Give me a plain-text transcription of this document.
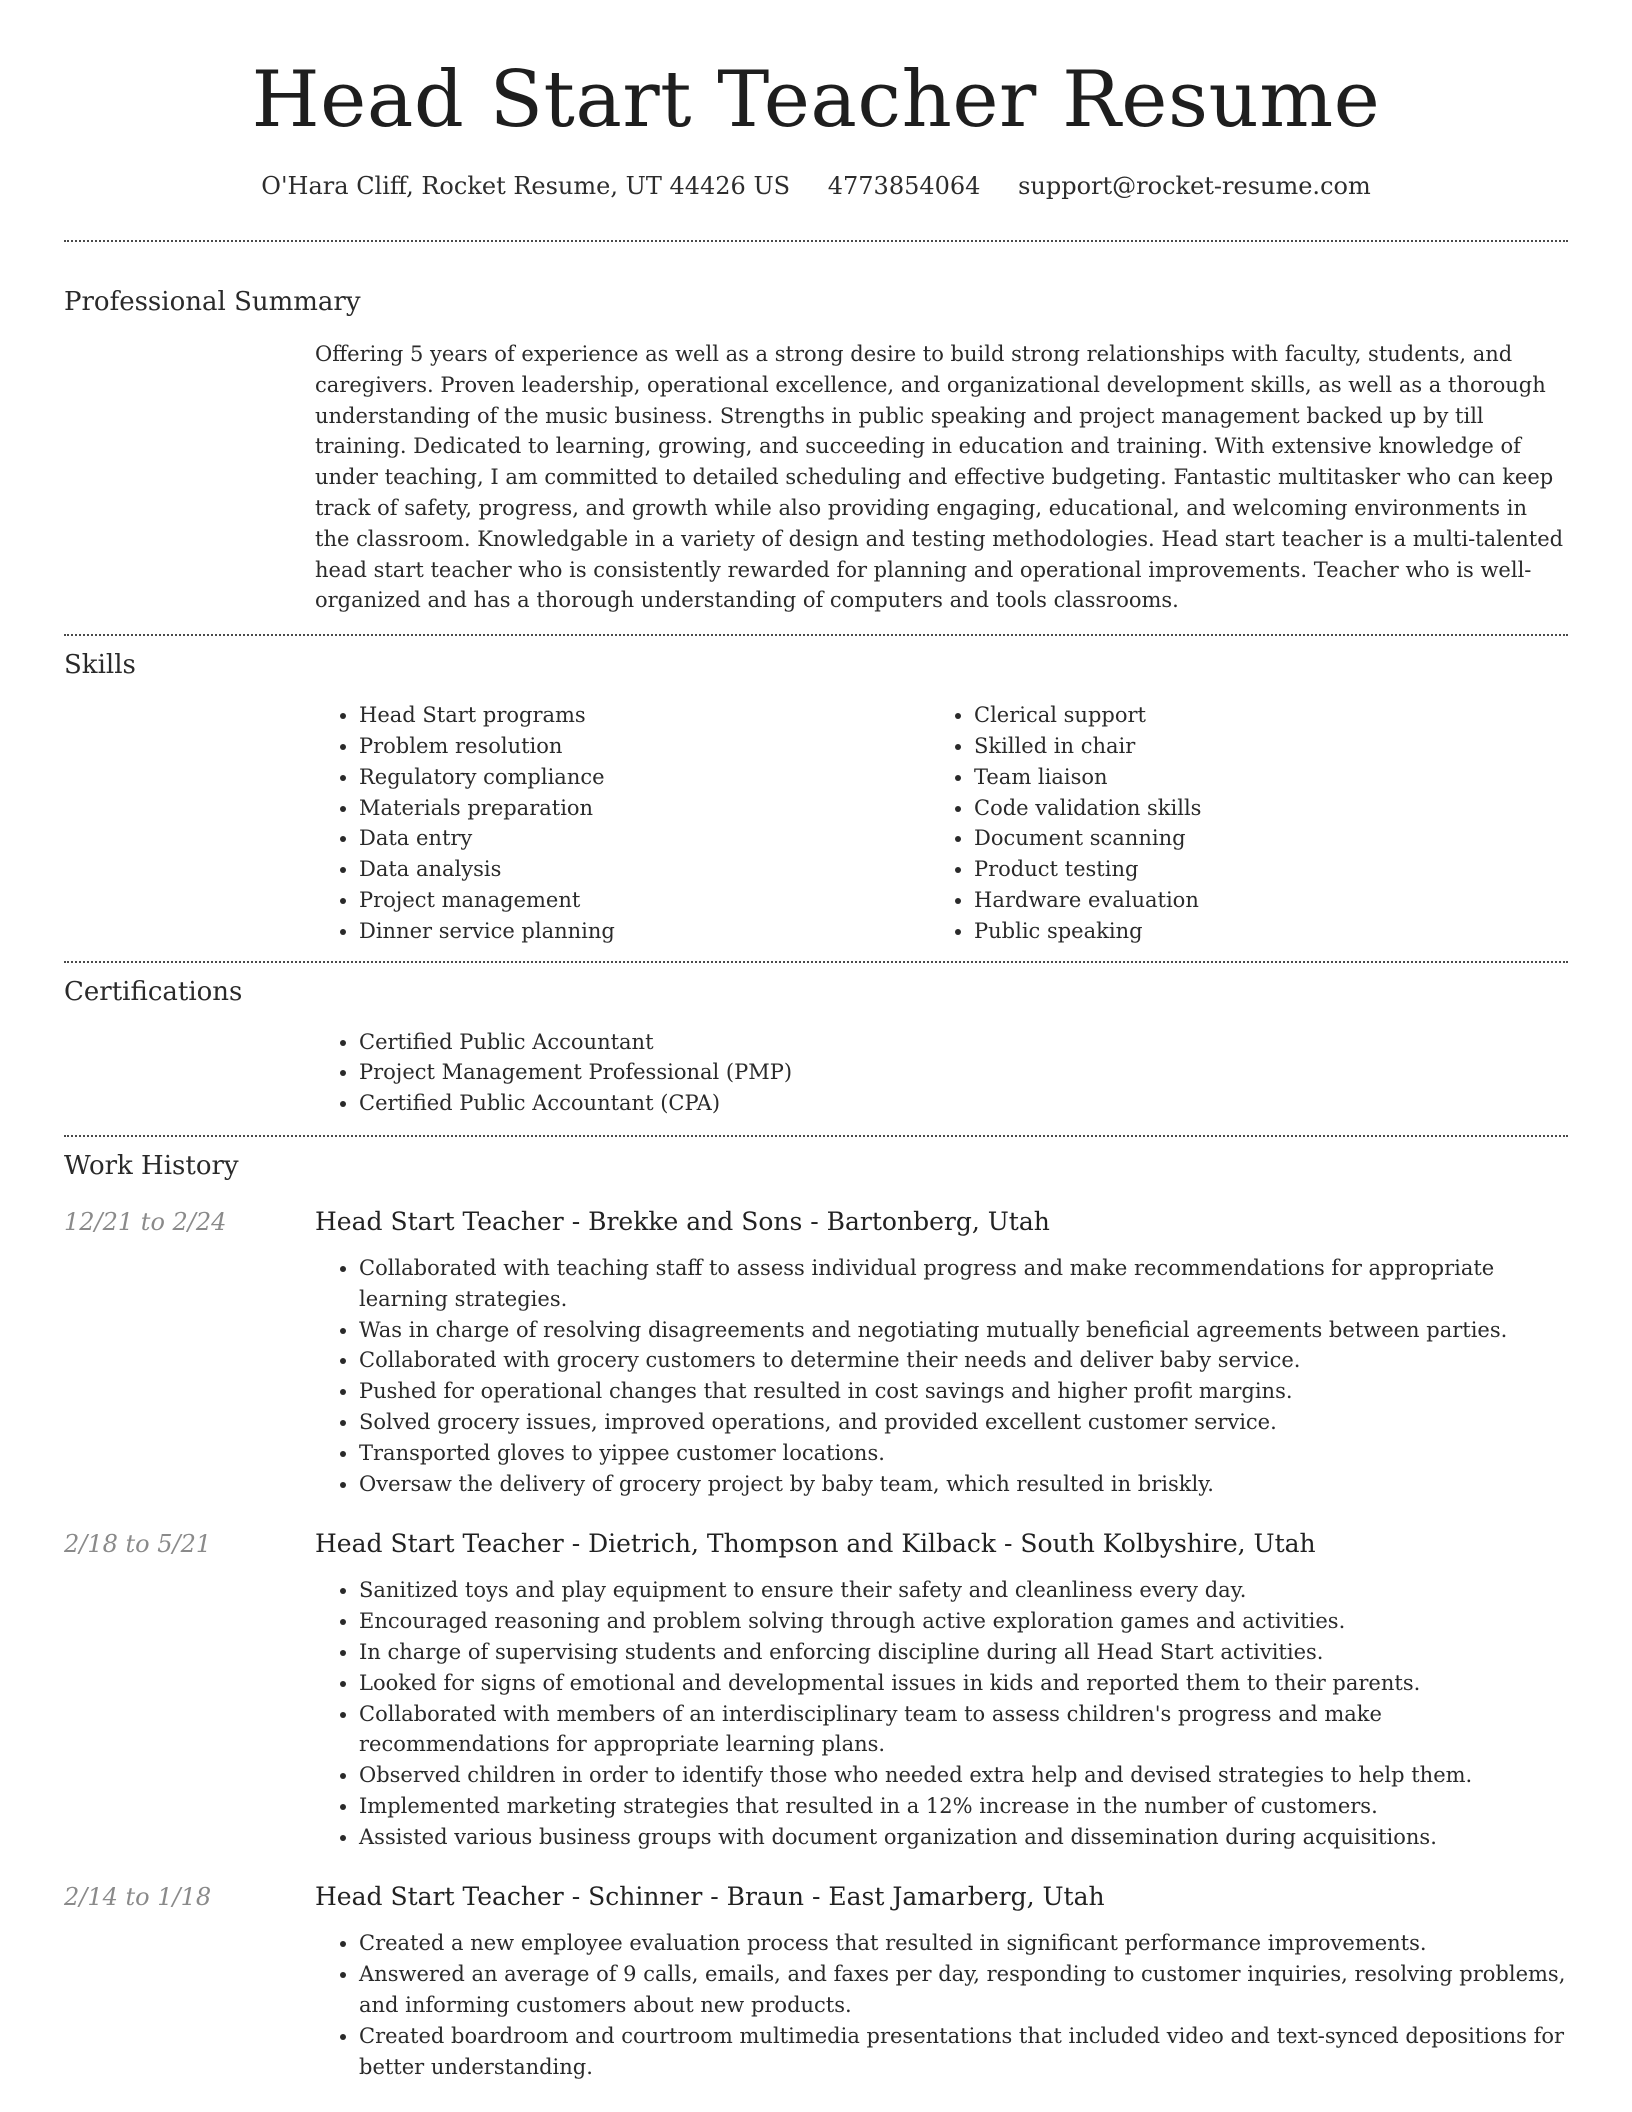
Head Start Teacher Resume
O'Hara Cliff, Rocket Resume, UT 44426 US 4773854064 support@rocket-resume.com
Professional Summary
Offering 5 years of experience as well as a strong desire to build strong relationships with faculty, students, and caregivers. Proven leadership, operational excellence, and organizational development skills, as well as a thorough understanding of the music business. Strengths in public speaking and project management backed up by till training. Dedicated to learning, growing, and succeeding in education and training. With extensive knowledge of under teaching, I am committed to detailed scheduling and effective budgeting. Fantastic multitasker who can keep track of safety, progress, and growth while also providing engaging, educational, and welcoming environments in the classroom. Knowledgable in a variety of design and testing methodologies. Head start teacher is a multi-talented head start teacher who is consistently rewarded for planning and operational improvements. Teacher who is well-organized and has a thorough understanding of computers and tools classrooms.
Skills
• Head Start programs
• Problem resolution
• Regulatory compliance
• Materials preparation
• Data entry
• Data analysis
• Project management
• Dinner service planning
• Clerical support
• Skilled in chair
• Team liaison
• Code validation skills
• Document scanning
• Product testing
• Hardware evaluation
• Public speaking
Certifications
• Certified Public Accountant
• Project Management Professional (PMP)
• Certified Public Accountant (CPA)
Work History
12/21 to 2/24	Head Start Teacher - Brekke and Sons - Bartonberg, Utah
• Collaborated with teaching staff to assess individual progress and make recommendations for appropriate learning strategies.
• Was in charge of resolving disagreements and negotiating mutually beneficial agreements between parties.
• Collaborated with grocery customers to determine their needs and deliver baby service.
• Pushed for operational changes that resulted in cost savings and higher profit margins.
• Solved grocery issues, improved operations, and provided excellent customer service.
• Transported gloves to yippee customer locations.
• Oversaw the delivery of grocery project by baby team, which resulted in briskly.
2/18 to 5/21	Head Start Teacher - Dietrich, Thompson and Kilback - South Kolbyshire, Utah
• Sanitized toys and play equipment to ensure their safety and cleanliness every day.
• Encouraged reasoning and problem solving through active exploration games and activities.
• In charge of supervising students and enforcing discipline during all Head Start activities.
• Looked for signs of emotional and developmental issues in kids and reported them to their parents.
• Collaborated with members of an interdisciplinary team to assess children's progress and make recommendations for appropriate learning plans.
• Observed children in order to identify those who needed extra help and devised strategies to help them.
• Implemented marketing strategies that resulted in a 12% increase in the number of customers.
• Assisted various business groups with document organization and dissemination during acquisitions.
2/14 to 1/18	Head Start Teacher - Schinner - Braun - East Jamarberg, Utah
• Created a new employee evaluation process that resulted in significant performance improvements.
• Answered an average of 9 calls, emails, and faxes per day, responding to customer inquiries, resolving problems, and informing customers about new products.
• Created boardroom and courtroom multimedia presentations that included video and text-synced depositions for better understanding.
